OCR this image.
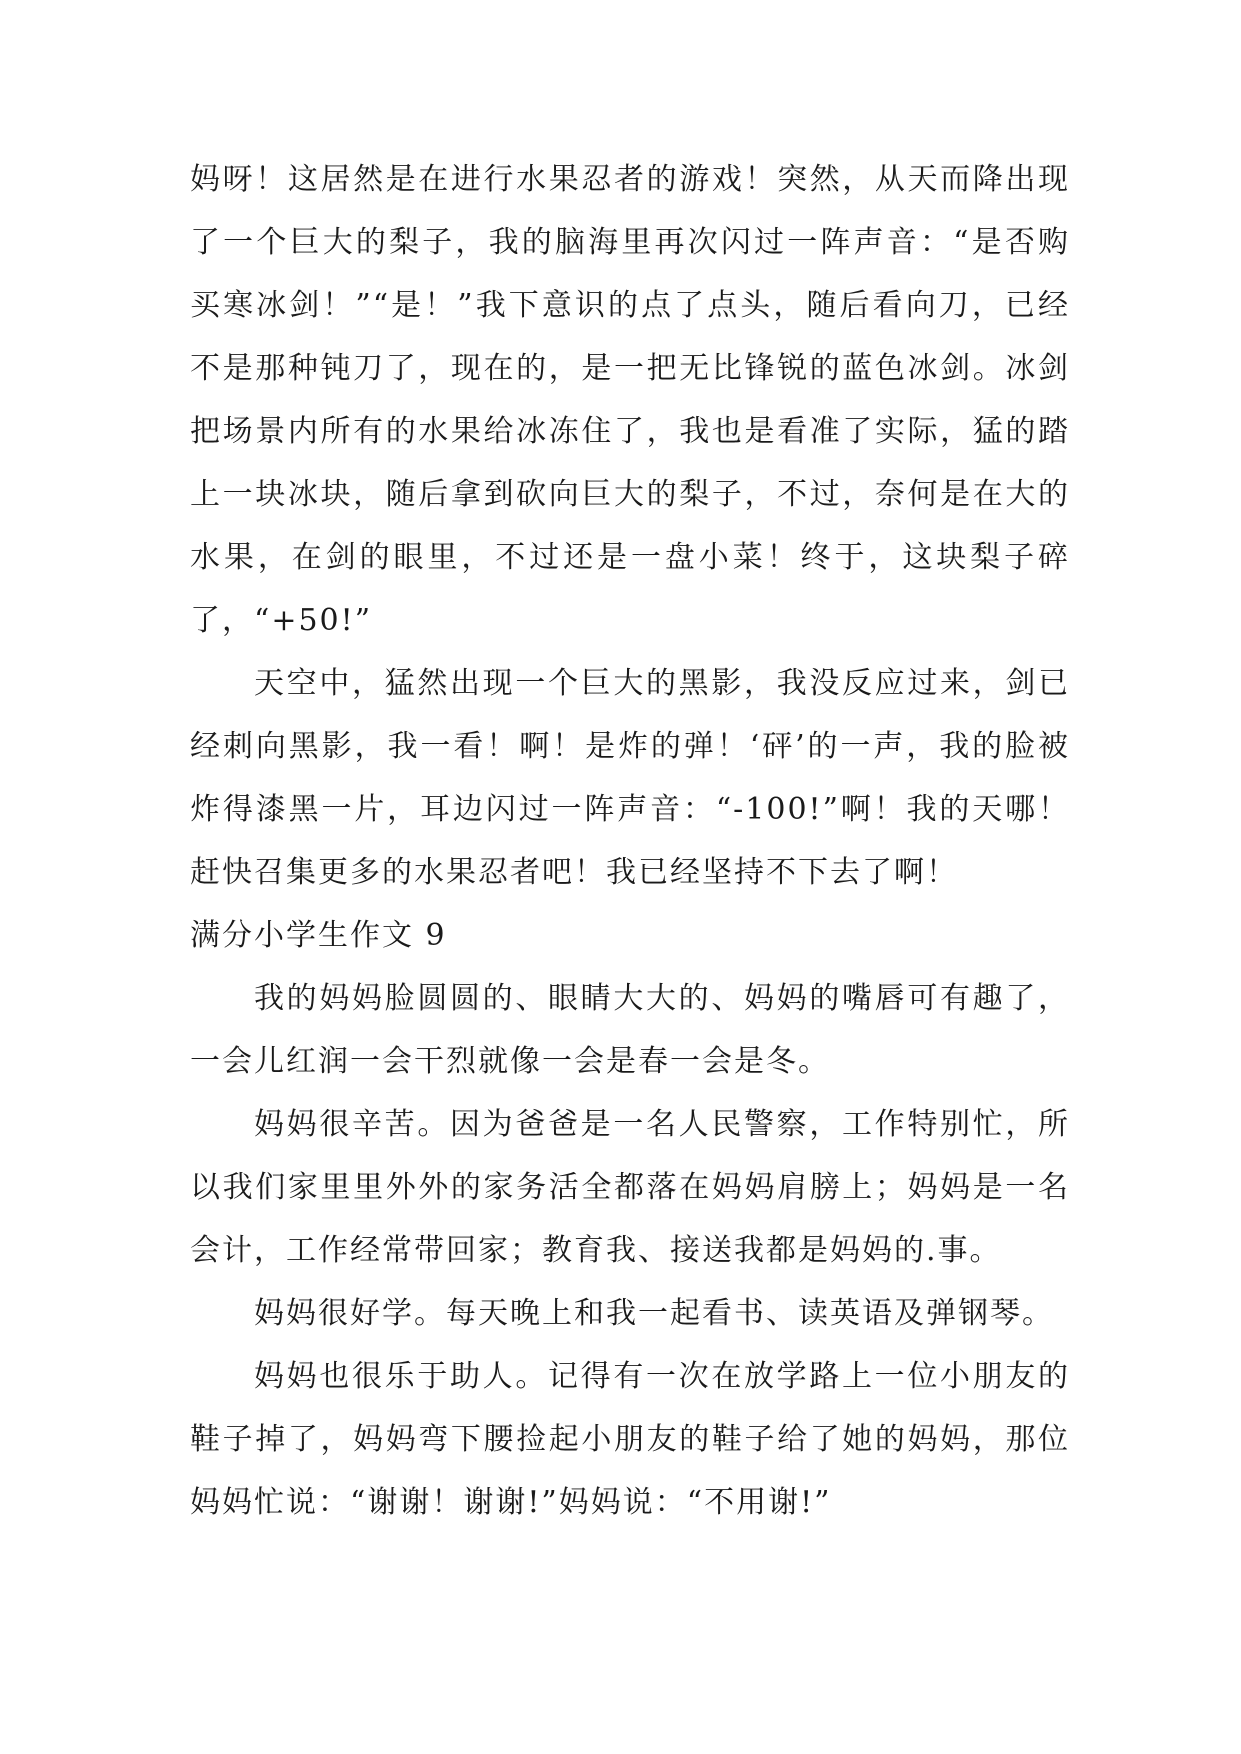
妈呀！这居然是在进行水果忍者的游戏！突然，从天而降出现了一个巨大的梨子，我的脑海里再次闪过一阵声音：“是否购买寒冰剑！”“是！”我下意识的点了点头，随后看向刀，已经不是那种钝刀了，现在的，是一把无比锋锐的蓝色冰剑。冰剑把场景内所有的水果给冰冻住了，我也是看准了实际，猛的踏上一块冰块，随后拿到砍向巨大的梨子，不过，奈何是在大的水果，在剑的眼里，不过还是一盘小菜！终于，这块梨子碎了，“+50!”

天空中，猛然出现一个巨大的黑影，我没反应过来，剑已经刺向黑影，我一看！啊！是炸的弹！‘砰’的一声，我的脸被炸得漆黑一片，耳边闪过一阵声音：“-100!”啊！我的天哪！赶快召集更多的水果忍者吧！我已经坚持不下去了啊！

满分小学生作文 9

我的妈妈脸圆圆的、眼睛大大的、妈妈的嘴唇可有趣了，一会儿红润一会干烈就像一会是春一会是冬。

妈妈很辛苦。因为爸爸是一名人民警察，工作特别忙，所以我们家里里外外的家务活全都落在妈妈肩膀上；妈妈是一名会计，工作经常带回家；教育我、接送我都是妈妈的.事。

妈妈很好学。每天晚上和我一起看书、读英语及弹钢琴。

妈妈也很乐于助人。记得有一次在放学路上一位小朋友的鞋子掉了，妈妈弯下腰捡起小朋友的鞋子给了她的妈妈，那位妈妈忙说：“谢谢！谢谢!”妈妈说：“不用谢!”
